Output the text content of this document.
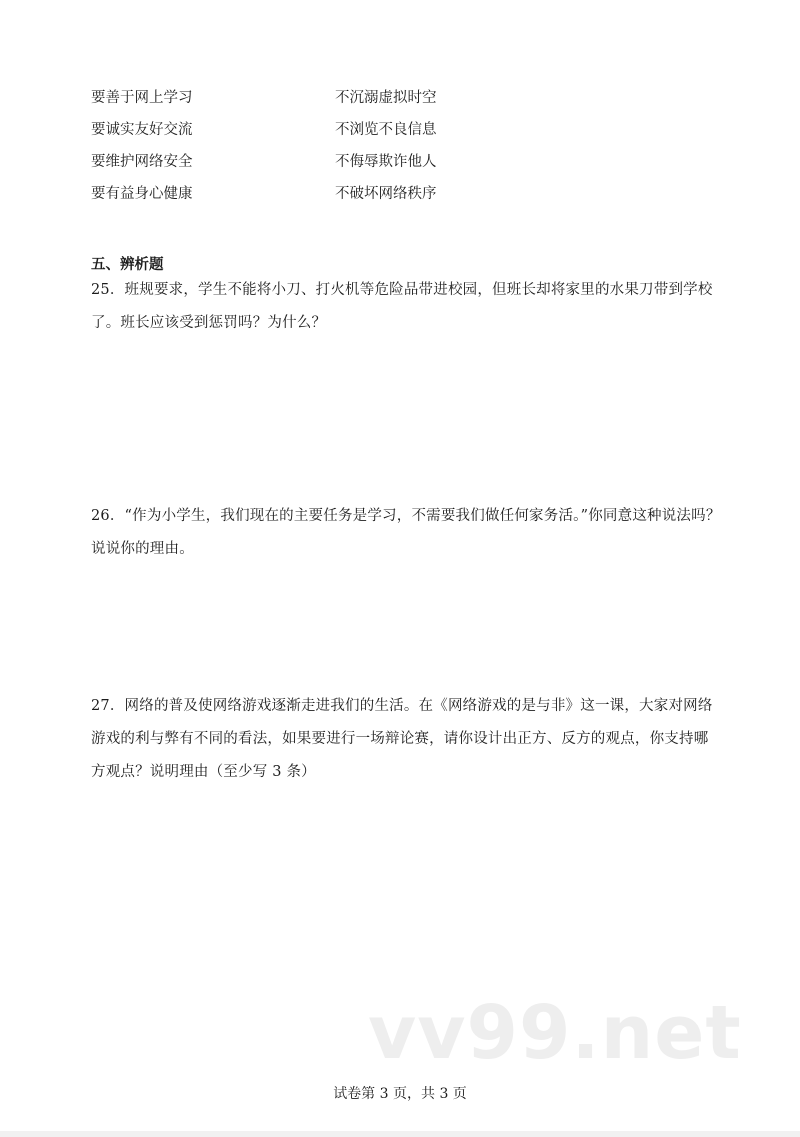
要善于网上学习	不沉溺虚拟时空
要诚实友好交流	不浏览不良信息
要维护网络安全	不侮辱欺诈他人
要有益身心健康	不破坏网络秩序
五、辨析题
25．班规要求，学生不能将小刀、打火机等危险品带进校园，但班长却将家里的水果刀带到学校
了。班长应该受到惩罚吗？为什么？
26．“作为小学生，我们现在的主要任务是学习，不需要我们做任何家务活。”你同意这种说法吗？
说说你的理由。
27．网络的普及使网络游戏逐渐走进我们的生活。在《网络游戏的是与非》这一课，大家对网络
游戏的利与弊有不同的看法，如果要进行一场辩论赛，请你设计出正方、反方的观点，你支持哪
方观点？说明理由（至少写 3 条）
vv99.net
试卷第 3 页，共 3 页
